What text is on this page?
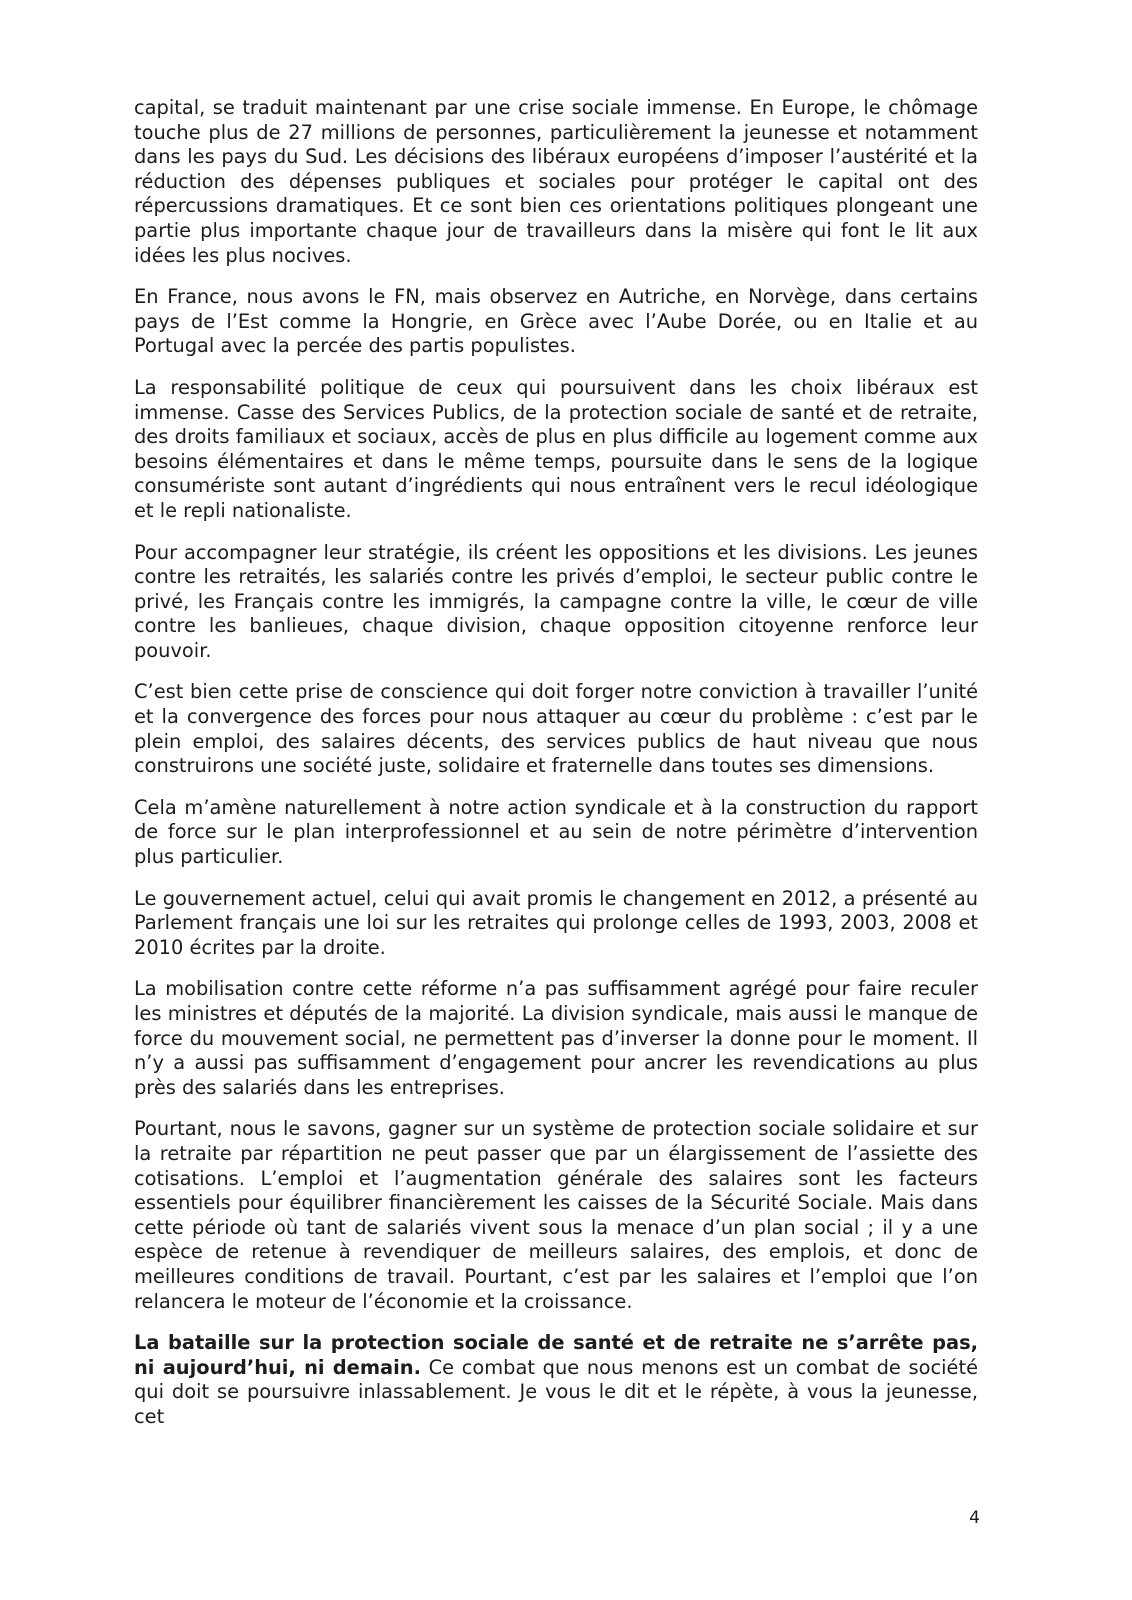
capital, se traduit maintenant par une crise sociale immense. En Europe, le chômage touche plus de 27 millions de personnes, particulièrement la jeunesse et notamment dans les pays du Sud. Les décisions des libéraux européens d’imposer l’austérité et la réduction des dépenses publiques et sociales pour protéger le capital ont des répercussions dramatiques. Et ce sont bien ces orientations politiques plongeant une partie plus importante chaque jour de travailleurs dans la misère qui font le lit aux idées les plus nocives.

En France, nous avons le FN, mais observez en Autriche, en Norvège, dans certains pays de l’Est comme la Hongrie, en Grèce avec l’Aube Dorée, ou en Italie et au Portugal avec la percée des partis populistes.

La responsabilité politique de ceux qui poursuivent dans les choix libéraux est immense. Casse des Services Publics, de la protection sociale de santé et de retraite, des droits familiaux et sociaux, accès de plus en plus difficile au logement comme aux besoins élémentaires et dans le même temps, poursuite dans le sens de la logique consumériste sont autant d’ingrédients qui nous entraînent vers le recul idéologique et le repli nationaliste.

Pour accompagner leur stratégie, ils créent les oppositions et les divisions. Les jeunes contre les retraités, les salariés contre les privés d’emploi, le secteur public contre le privé, les Français contre les immigrés, la campagne contre la ville, le cœur de ville contre les banlieues, chaque division, chaque opposition citoyenne renforce leur pouvoir.

C’est bien cette prise de conscience qui doit forger notre conviction à travailler l’unité et la convergence des forces pour nous attaquer au cœur du problème : c’est par le plein emploi, des salaires décents, des services publics de haut niveau que nous construirons une société juste, solidaire et fraternelle dans toutes ses dimensions.

Cela m’amène naturellement à notre action syndicale et à la construction du rapport de force sur le plan interprofessionnel et au sein de notre périmètre d’intervention plus particulier.

Le gouvernement actuel, celui qui avait promis le changement en 2012, a présenté au Parlement français une loi sur les retraites qui prolonge celles de 1993, 2003, 2008 et 2010 écrites par la droite.

La mobilisation contre cette réforme n’a pas suffisamment agrégé pour faire reculer les ministres et députés de la majorité. La division syndicale, mais aussi le manque de force du mouvement social, ne permettent pas d’inverser la donne pour le moment. Il n’y a aussi pas suffisamment d’engagement pour ancrer les revendications au plus près des salariés dans les entreprises.

Pourtant, nous le savons, gagner sur un système de protection sociale solidaire et sur la retraite par répartition ne peut passer que par un élargissement de l’assiette des cotisations. L’emploi et l’augmentation générale des salaires sont les facteurs essentiels pour équilibrer financièrement les caisses de la Sécurité Sociale. Mais dans cette période où tant de salariés vivent sous la menace d’un plan social ; il y a une espèce de retenue à revendiquer de meilleurs salaires, des emplois, et donc de meilleures conditions de travail. Pourtant, c’est par les salaires et l’emploi que l’on relancera le moteur de l’économie et la croissance.

La bataille sur la protection sociale de santé et de retraite ne s’arrête pas, ni aujourd’hui, ni demain. Ce combat que nous menons est un combat de société qui doit se poursuivre inlassablement. Je vous le dit et le répète, à vous la jeunesse, cet

4
